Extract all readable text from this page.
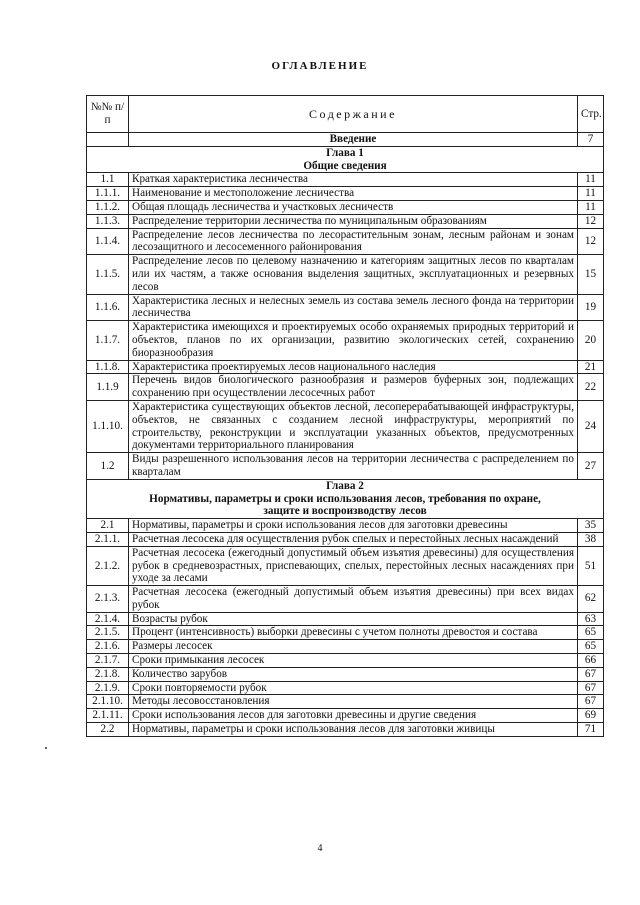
ОГЛАВЛЕНИЕ
№№ п/п	Содержание	Стр.
	Введение	7

Глава 1
Общие сведения		

1.1	Краткая характеристика лесничества	11
1.1.1.	Наименование и местоположение лесничества	11
1.1.2.	Общая площадь лесничества и участковых лесничеств	11
1.1.3.	Распределение территории лесничества по муниципальным образованиям	12
1.1.4.	Распределение лесов лесничества по лесорастительным зонам, лесным районам и зонам лесозащитного и лесосеменного районирования	12
1.1.5.	Распределение лесов по целевому назначению и категориям защитных лесов по кварталам или их частям, а также основания выделения защитных, эксплуатационных и резервных лесов	15
1.1.6.	Характеристика лесных и нелесных земель из состава земель лесного фонда на территории лесничества	19
1.1.7.	Характеристика имеющихся и проектируемых особо охраняемых природных территорий и объектов, планов по их организации, развитию экологических сетей, сохранению биоразнообразия	20
1.1.8.	Характеристика проектируемых лесов национального наследия	21
1.1.9	Перечень видов биологического разнообразия и размеров буферных зон, подлежащих сохранению при осуществлении лесосечных работ	22
1.1.10.	Характеристика существующих объектов лесной, лесоперерабатывающей инфраструктуры, объектов, не связанных с созданием лесной инфраструктуры, мероприятий по строительству, реконструкции и эксплуатации указанных объектов, предусмотренных документами территориального планирования	24
1.2	Виды разрешенного использования лесов на территории лесничества с распределением по кварталам	27

Глава 2
Нормативы, параметры и сроки использования лесов, требования по охране, защите и воспроизводству лесов		

2.1	Нормативы, параметры и сроки использования лесов для заготовки древесины	35
2.1.1.	Расчетная лесосека для осуществления рубок спелых и перестойных лесных насаждений	38
2.1.2.	Расчетная лесосека (ежегодный допустимый объем изъятия древесины) для осуществления рубок в средневозрастных, приспевающих, спелых, перестойных лесных насаждениях при уходе за лесами	51
2.1.3.	Расчетная лесосека (ежегодный допустимый объем изъятия древесины) при всех видах рубок	62
2.1.4.	Возрасты рубок	63
2.1.5.	Процент (интенсивность) выборки древесины с учетом полноты древостоя и состава	65
2.1.6.	Размеры лесосек	65
2.1.7.	Сроки примыкания лесосек	66
2.1.8.	Количество зарубов	67
2.1.9.	Сроки повторяемости рубок	67
2.1.10.	Методы лесовосстановления	67
2.1.11.	Сроки использования лесов для заготовки древесины и другие сведения	69
2.2	Нормативы, параметры и сроки использования лесов для заготовки живицы	71
4
